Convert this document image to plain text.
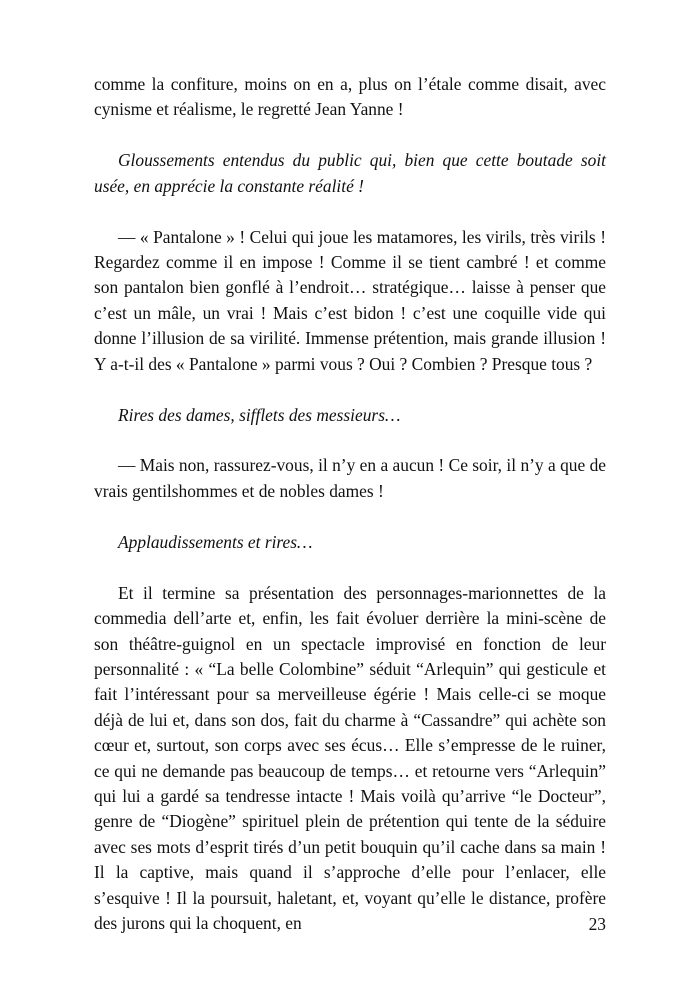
comme la confiture, moins on en a, plus on l’étale comme disait, avec cynisme et réalisme, le regretté Jean Yanne !

Gloussements entendus du public qui, bien que cette boutade soit usée, en apprécie la constante réalité !

— « Pantalone » ! Celui qui joue les matamores, les virils, très virils ! Regardez comme il en impose ! Comme il se tient cambré ! et comme son pantalon bien gonflé à l’endroit… stratégique… laisse à penser que c’est un mâle, un vrai ! Mais c’est bidon ! c’est une coquille vide qui donne l’illusion de sa virilité. Immense prétention, mais grande illusion ! Y a-t-il des « Pantalone » parmi vous ? Oui ? Combien ? Presque tous ?

Rires des dames, sifflets des messieurs…

— Mais non, rassurez-vous, il n’y en a aucun ! Ce soir, il n’y a que de vrais gentilshommes et de nobles dames !

Applaudissements et rires…

Et il termine sa présentation des personnages-marionnettes de la commedia dell’arte et, enfin, les fait évoluer derrière la mini-scène de son théâtre-guignol en un spectacle improvisé en fonction de leur personnalité : « “La belle Colombine” séduit “Arlequin” qui gesticule et fait l’intéressant pour sa merveilleuse égérie ! Mais celle-ci se moque déjà de lui et, dans son dos, fait du charme à “Cassandre” qui achète son cœur et, surtout, son corps avec ses écus… Elle s’empresse de le ruiner, ce qui ne demande pas beaucoup de temps… et retourne vers “Arlequin” qui lui a gardé sa tendresse intacte ! Mais voilà qu’arrive “le Docteur”, genre de “Diogène” spirituel plein de prétention qui tente de la séduire avec ses mots d’esprit tirés d’un petit bouquin qu’il cache dans sa main ! Il la captive, mais quand il s’approche d’elle pour l’enlacer, elle s’esquive ! Il la poursuit, haletant, et, voyant qu’elle le distance, profère des jurons qui la choquent, en	23
